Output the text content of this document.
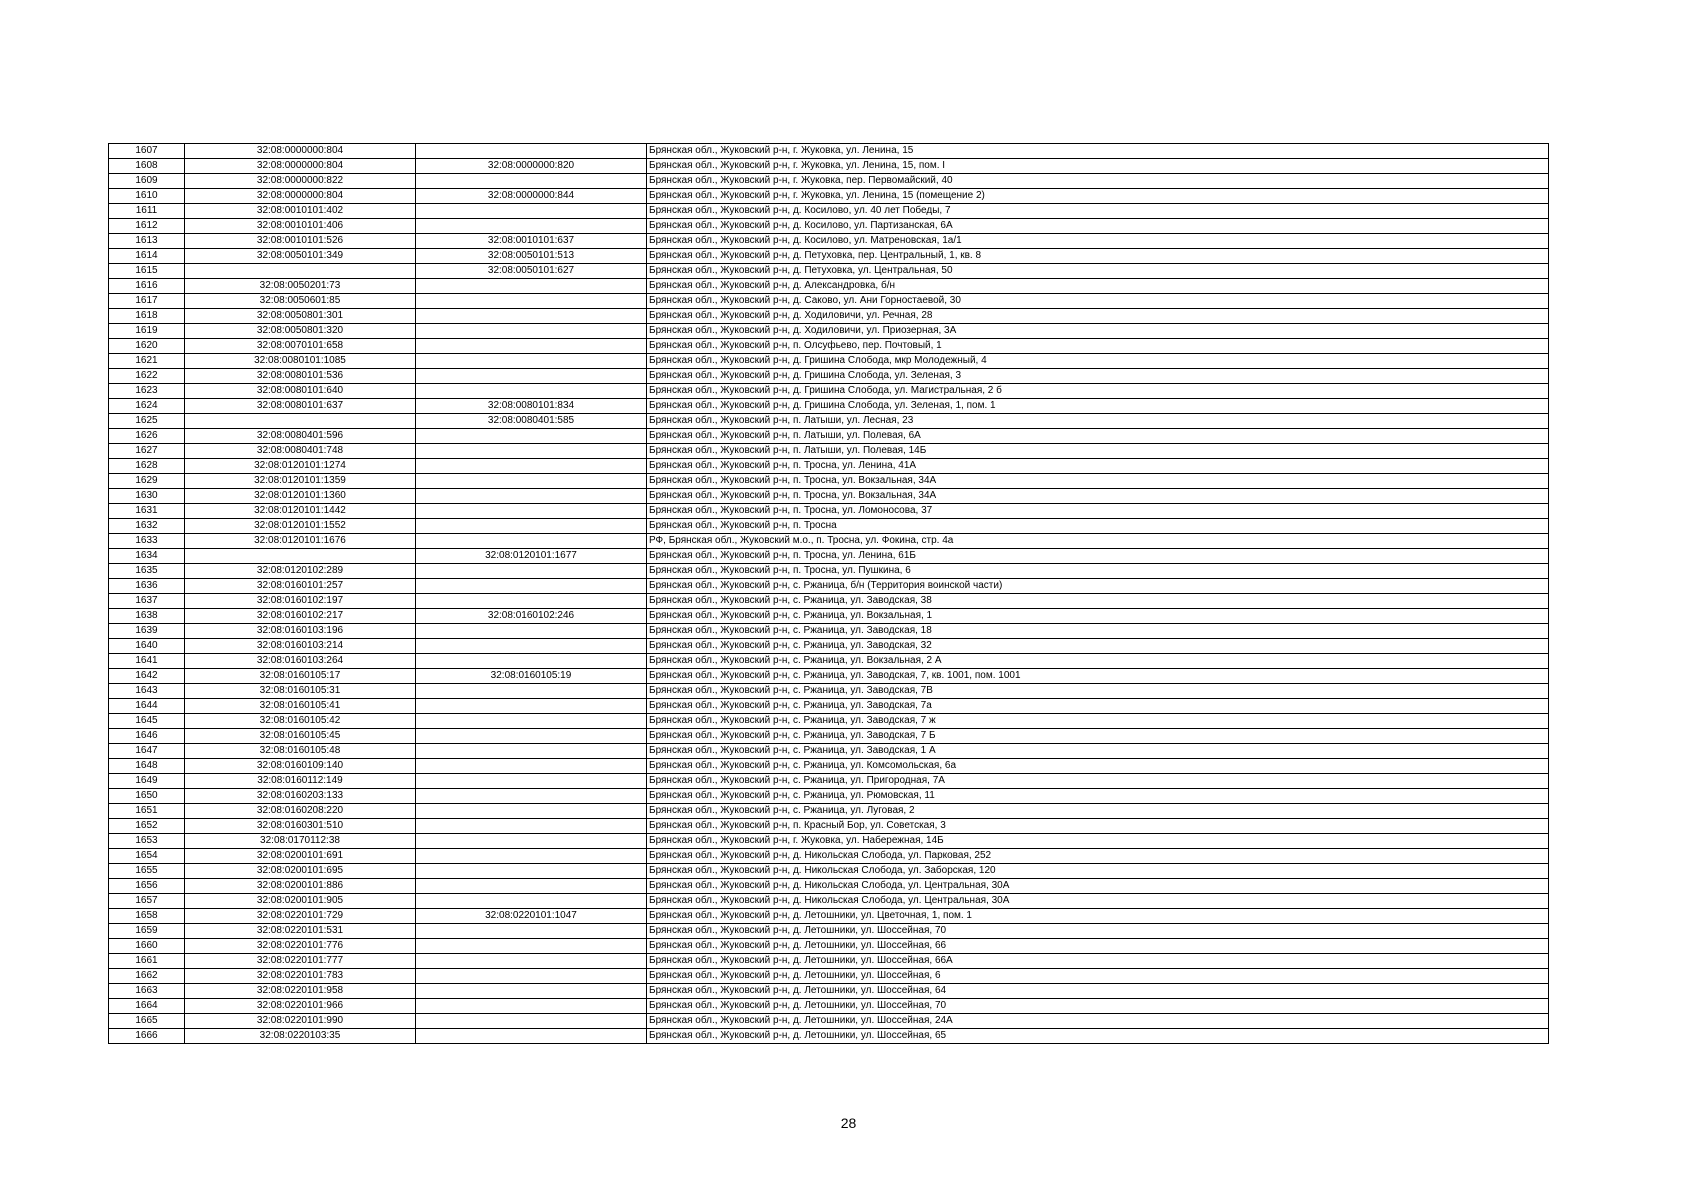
1607	32:08:0000000:804		Брянская обл., Жуковский р-н, г. Жуковка, ул. Ленина, 15
1608	32:08:0000000:804	32:08:0000000:820	Брянская обл., Жуковский р-н, г. Жуковка, ул. Ленина, 15, пом. I
1609	32:08:0000000:822		Брянская обл., Жуковский р-н, г. Жуковка, пер. Первомайский, 40
1610	32:08:0000000:804	32:08:0000000:844	Брянская обл., Жуковский р-н, г. Жуковка, ул. Ленина, 15 (помещение 2)
1611	32:08:0010101:402		Брянская обл., Жуковский р-н, д. Косилово, ул. 40 лет Победы, 7
1612	32:08:0010101:406		Брянская обл., Жуковский р-н, д. Косилово, ул. Партизанская, 6А
1613	32:08:0010101:526	32:08:0010101:637	Брянская обл., Жуковский р-н, д. Косилово, ул. Матреновская, 1а/1
1614	32:08:0050101:349	32:08:0050101:513	Брянская обл., Жуковский р-н, д. Петуховка, пер. Центральный, 1, кв. 8
1615		32:08:0050101:627	Брянская обл., Жуковский р-н, д. Петуховка, ул. Центральная, 50
1616	32:08:0050201:73		Брянская обл., Жуковский р-н, д. Александровка, б/н
1617	32:08:0050601:85		Брянская обл., Жуковский р-н, д. Саково, ул. Ани Горностаевой, 30
1618	32:08:0050801:301		Брянская обл., Жуковский р-н, д. Ходиловичи, ул. Речная, 28
1619	32:08:0050801:320		Брянская обл., Жуковский р-н, д. Ходиловичи, ул. Приозерная, 3А
1620	32:08:0070101:658		Брянская обл., Жуковский р-н, п. Олсуфьево, пер. Почтовый, 1
1621	32:08:0080101:1085		Брянская обл., Жуковский р-н, д. Гришина Слобода, мкр Молодежный, 4
1622	32:08:0080101:536		Брянская обл., Жуковский р-н, д. Гришина Слобода, ул. Зеленая, 3
1623	32:08:0080101:640		Брянская обл., Жуковский р-н, д. Гришина Слобода, ул. Магистральная, 2 б
1624	32:08:0080101:637	32:08:0080101:834	Брянская обл., Жуковский р-н, д. Гришина Слобода, ул. Зеленая, 1, пом. 1
1625		32:08:0080401:585	Брянская обл., Жуковский р-н, п. Латыши, ул. Лесная, 23
1626	32:08:0080401:596		Брянская обл., Жуковский р-н, п. Латыши, ул. Полевая, 6А
1627	32:08:0080401:748		Брянская обл., Жуковский р-н, п. Латыши, ул. Полевая, 14Б
1628	32:08:0120101:1274		Брянская обл., Жуковский р-н, п. Тросна, ул. Ленина, 41А
1629	32:08:0120101:1359		Брянская обл., Жуковский р-н, п. Тросна, ул. Вокзальная, 34А
1630	32:08:0120101:1360		Брянская обл., Жуковский р-н, п. Тросна, ул. Вокзальная, 34А
1631	32:08:0120101:1442		Брянская обл., Жуковский р-н, п. Тросна, ул. Ломоносова, 37
1632	32:08:0120101:1552		Брянская обл., Жуковский р-н, п. Тросна
1633	32:08:0120101:1676		РФ, Брянская обл., Жуковский м.о., п. Тросна, ул. Фокина, стр. 4а
1634		32:08:0120101:1677	Брянская обл., Жуковский р-н, п. Тросна, ул. Ленина, 61Б
1635	32:08:0120102:289		Брянская обл., Жуковский р-н, п. Тросна, ул. Пушкина, 6
1636	32:08:0160101:257		Брянская обл., Жуковский р-н, с. Ржаница, б/н (Территория воинской части)
1637	32:08:0160102:197		Брянская обл., Жуковский р-н, с. Ржаница, ул. Заводская, 38
1638	32:08:0160102:217	32:08:0160102:246	Брянская обл., Жуковский р-н, с. Ржаница, ул. Вокзальная, 1
1639	32:08:0160103:196		Брянская обл., Жуковский р-н, с. Ржаница, ул. Заводская, 18
1640	32:08:0160103:214		Брянская обл., Жуковский р-н, с. Ржаница, ул. Заводская, 32
1641	32:08:0160103:264		Брянская обл., Жуковский р-н, с. Ржаница, ул. Вокзальная, 2 А
1642	32:08:0160105:17	32:08:0160105:19	Брянская обл., Жуковский р-н, с. Ржаница, ул. Заводская, 7, кв. 1001, пом. 1001
1643	32:08:0160105:31		Брянская обл., Жуковский р-н, с. Ржаница, ул. Заводская, 7В
1644	32:08:0160105:41		Брянская обл., Жуковский р-н, с. Ржаница, ул. Заводская, 7а
1645	32:08:0160105:42		Брянская обл., Жуковский р-н, с. Ржаница, ул. Заводская, 7 ж
1646	32:08:0160105:45		Брянская обл., Жуковский р-н, с. Ржаница, ул. Заводская, 7 Б
1647	32:08:0160105:48		Брянская обл., Жуковский р-н, с. Ржаница, ул. Заводская, 1 А
1648	32:08:0160109:140		Брянская обл., Жуковский р-н, с. Ржаница, ул. Комсомольская, 6а
1649	32:08:0160112:149		Брянская обл., Жуковский р-н, с. Ржаница, ул. Пригородная, 7А
1650	32:08:0160203:133		Брянская обл., Жуковский р-н, с. Ржаница, ул. Рюмовская, 11
1651	32:08:0160208:220		Брянская обл., Жуковский р-н, с. Ржаница, ул. Луговая, 2
1652	32:08:0160301:510		Брянская обл., Жуковский р-н, п. Красный Бор, ул. Советская, 3
1653	32:08:0170112:38		Брянская обл., Жуковский р-н, г. Жуковка, ул. Набережная, 14Б
1654	32:08:0200101:691		Брянская обл., Жуковский р-н, д. Никольская Слобода, ул. Парковая, 252
1655	32:08:0200101:695		Брянская обл., Жуковский р-н, д. Никольская Слобода, ул. Заборская, 120
1656	32:08:0200101:886		Брянская обл., Жуковский р-н, д. Никольская Слобода, ул. Центральная, 30А
1657	32:08:0200101:905		Брянская обл., Жуковский р-н, д. Никольская Слобода, ул. Центральная, 30А
1658	32:08:0220101:729	32:08:0220101:1047	Брянская обл., Жуковский р-н, д. Летошники, ул. Цветочная, 1, пом. 1
1659	32:08:0220101:531		Брянская обл., Жуковский р-н, д. Летошники, ул. Шоссейная, 70
1660	32:08:0220101:776		Брянская обл., Жуковский р-н, д. Летошники, ул. Шоссейная, 66
1661	32:08:0220101:777		Брянская обл., Жуковский р-н, д. Летошники, ул. Шоссейная, 66А
1662	32:08:0220101:783		Брянская обл., Жуковский р-н, д. Летошники, ул. Шоссейная, 6
1663	32:08:0220101:958		Брянская обл., Жуковский р-н, д. Летошники, ул. Шоссейная, 64
1664	32:08:0220101:966		Брянская обл., Жуковский р-н, д. Летошники, ул. Шоссейная, 70
1665	32:08:0220101:990		Брянская обл., Жуковский р-н, д. Летошники, ул. Шоссейная, 24А
1666	32:08:0220103:35		Брянская обл., Жуковский р-н, д. Летошники, ул. Шоссейная, 65
28
